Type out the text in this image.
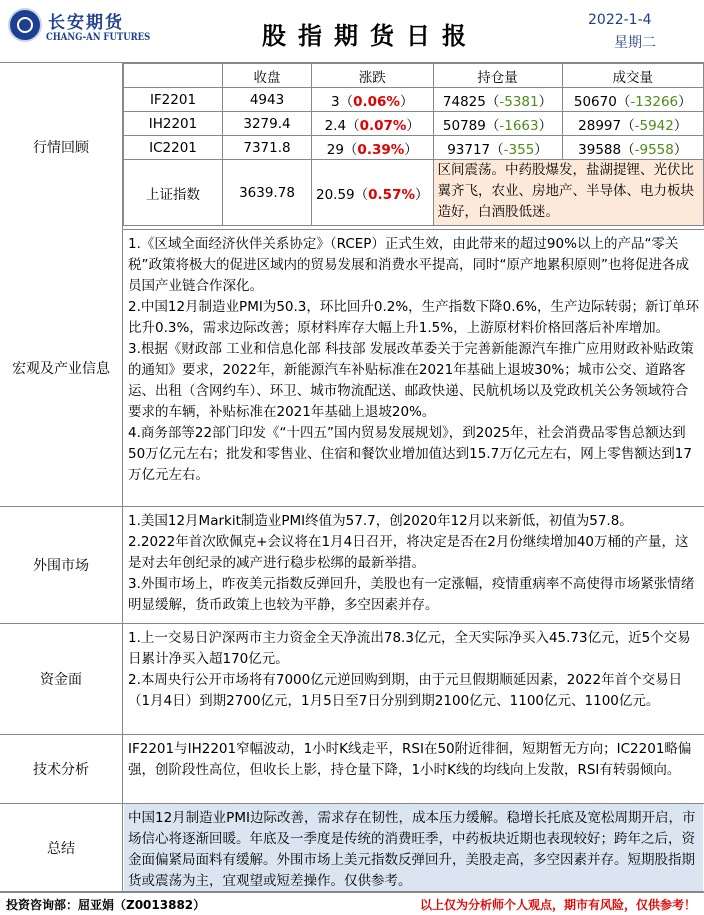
长安期货
CHANG-AN FUTURES	股指期货日报
2022-1-4
星期二
行情回顾
	收盘	涨跌	持仓量	成交量
IF2201	4943	3（0.06%）	74825（-5381）	50670（-13266）
IH2201	3279.4	2.4（0.07%）	50789（-1663）	28997（-5942）
IC2201	7371.8	29（0.39%）	93717（-355）	39588（-9558）
上证指数	3639.78	20.59（0.57%）	区间震荡。中药股爆发，盐湖提锂、光伏比翼齐飞，农业、房地产、半导体、电力板块造好，白酒股低迷。	
宏观及产业信息

1.《区域全面经济伙伴关系协定》（RCEP）正式生效，由此带来的超过90%以上的产品“零关税”政策将极大的促进区域内的贸易发展和消费水平提高，同时“原产地累积原则”也将促进各成员国产业链合作深化。

2.中国12月制造业PMI为50.3，环比回升0.2%，生产指数下降0.6%，生产边际转弱；新订单环比升0.3%，需求边际改善；原材料库存大幅上升1.5%，上游原材料价格回落后补库增加。

3.根据《财政部 工业和信息化部 科技部 发展改革委关于完善新能源汽车推广应用财政补贴政策的通知》要求，2022年，新能源汽车补贴标准在2021年基础上退坡30%；城市公交、道路客运、出租（含网约车）、环卫、城市物流配送、邮政快递、民航机场以及党政机关公务领域符合要求的车辆，补贴标准在2021年基础上退坡20%。

4.商务部等22部门印发《“十四五”国内贸易发展规划》，到2025年，社会消费品零售总额达到50万亿元左右；批发和零售业、住宿和餐饮业增加值达到15.7万亿元左右，网上零售额达到17万亿元左右。

外围市场

1.美国12月Markit制造业PMI终值为57.7，创2020年12月以来新低，初值为57.8。

2.2022年首次欧佩克+会议将在1月4日召开，将决定是否在2月份继续增加40万桶的产量，这是对去年创纪录的减产进行稳步松绑的最新举措。

3.外围市场上，昨夜美元指数反弹回升，美股也有一定涨幅，疫情重病率不高使得市场紧张情绪明显缓解，货币政策上也较为平静，多空因素并存。

资金面

1.上一交易日沪深两市主力资金全天净流出78.3亿元，全天实际净买入45.73亿元，近5个交易日累计净买入超170亿元。

2.本周央行公开市场将有7000亿元逆回购到期，由于元旦假期顺延因素，2022年首个交易日（1月4日）到期2700亿元，1月5日至7日分别到期2100亿元、1100亿元、1100亿元。

技术分析

IF2201与IH2201窄幅波动，1小时K线走平，RSI在50附近徘徊，短期暂无方向；IC2201略偏强，创阶段性高位，但收长上影，持仓量下降，1小时K线的均线向上发散，RSI有转弱倾向。

总结

中国12月制造业PMI边际改善，需求存在韧性，成本压力缓解。稳增长托底及宽松周期开启，市场信心将逐渐回暖。年底及一季度是传统的消费旺季，中药板块近期也表现较好；跨年之后，资金面偏紧局面料有缓解。外围市场上美元指数反弹回升，美股走高，多空因素并存。短期股指期货或震荡为主，宜观望或短差操作。仅供参考。

投资咨询部：屈亚娟（Z0013882）	以上仅为分析师个人观点，期市有风险，仅供参考！
